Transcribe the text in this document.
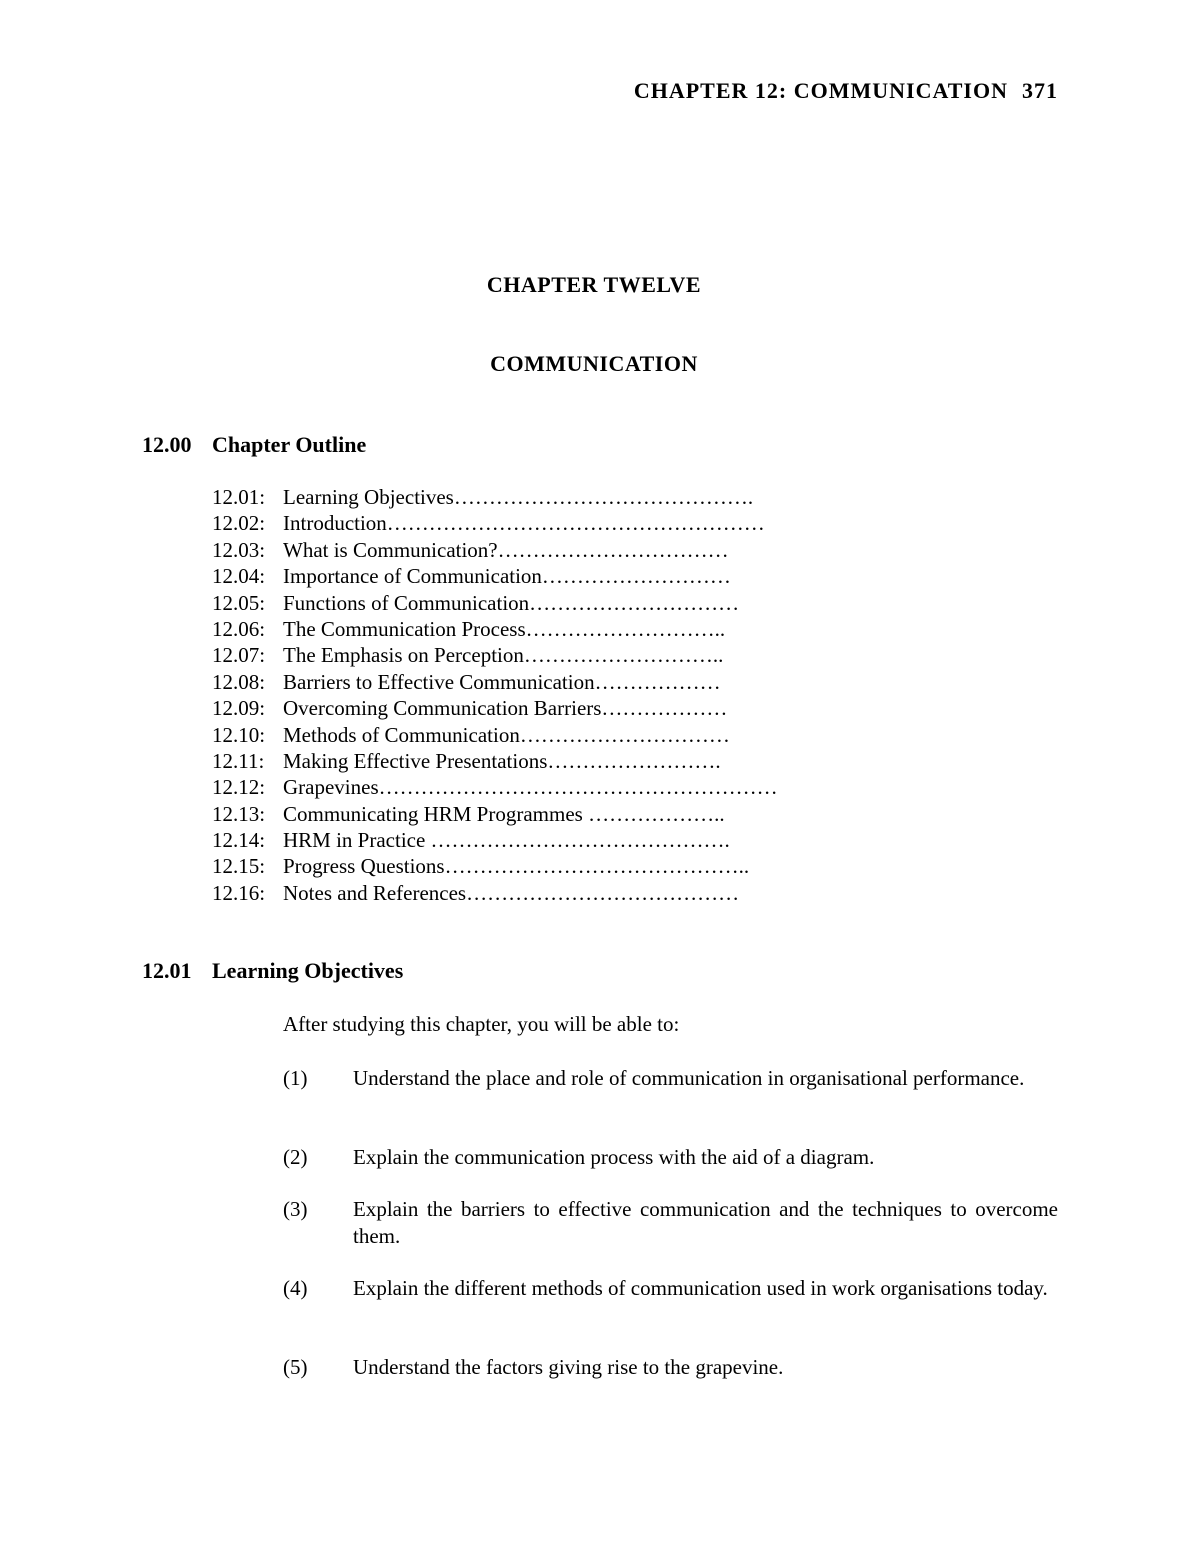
CHAPTER 12: COMMUNICATION 371
CHAPTER TWELVE
COMMUNICATION
12.00 Chapter Outline
12.01: Learning Objectives…………………………………….
12.02: Introduction………………………………………………
12.03: What is Communication?……………………………
12.04: Importance of Communication………………………
12.05: Functions of Communication…………………………
12.06: The Communication Process………………………..
12.07: The Emphasis on Perception………………………..
12.08: Barriers to Effective Communication………………
12.09: Overcoming Communication Barriers………………
12.10: Methods of Communication…………………………
12.11: Making Effective Presentations…………………….
12.12: Grapevines…………………………………………………
12.13: Communicating HRM Programmes ………………..
12.14: HRM in Practice …………………………………….
12.15: Progress Questions……………………………………..
12.16: Notes and References…………………………………
12.01 Learning Objectives
After studying this chapter, you will be able to:
(1) Understand the place and role of communication in organisational performance.
(2) Explain the communication process with the aid of a diagram.
(3) Explain the barriers to effective communication and the techniques to overcome them.
(4) Explain the different methods of communication used in work organisations today.
(5) Understand the factors giving rise to the grapevine.
